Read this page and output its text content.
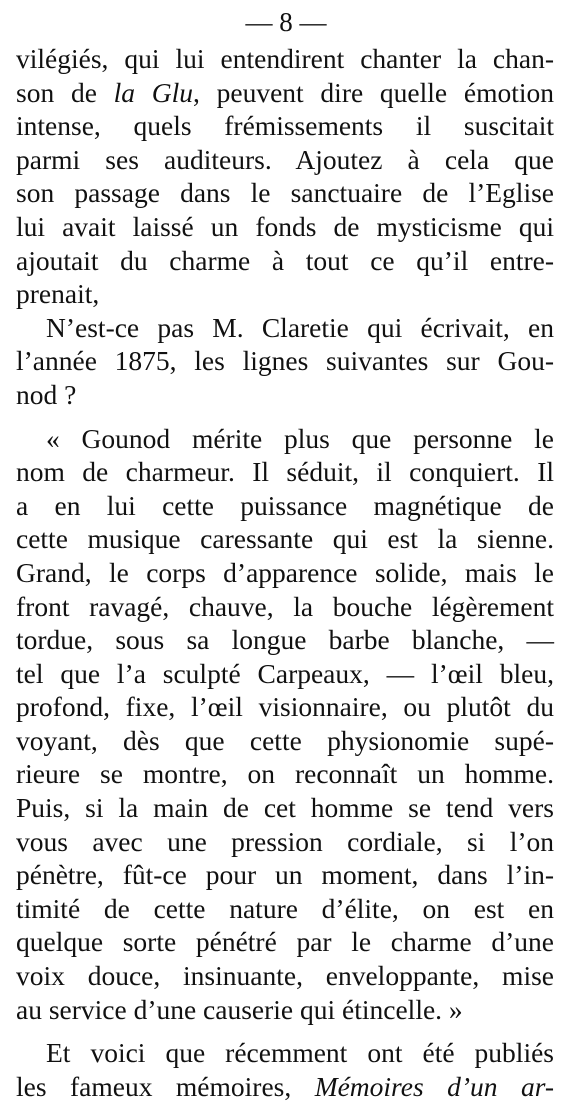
— 8 —
vilégiés, qui lui entendirent chanter la chan-
son de la Glu, peuvent dire quelle émotion
intense, quels frémissements il suscitait
parmi ses auditeurs. Ajoutez à cela que
son passage dans le sanctuaire de l’Eglise
lui avait laissé un fonds de mysticisme qui
ajoutait du charme à tout ce qu’il entre-
prenait,
N’est-ce pas M. Claretie qui écrivait, en
l’année 1875, les lignes suivantes sur Gou-
nod ?
« Gounod mérite plus que personne le
nom de charmeur. Il séduit, il conquiert. Il
a en lui cette puissance magnétique de
cette musique caressante qui est la sienne.
Grand, le corps d’apparence solide, mais le
front ravagé, chauve, la bouche légèrement
tordue, sous sa longue barbe blanche, —
tel que l’a sculpté Carpeaux, — l’œil bleu,
profond, fixe, l’œil visionnaire, ou plutôt du
voyant, dès que cette physionomie supé-
rieure se montre, on reconnaît un homme.
Puis, si la main de cet homme se tend vers
vous avec une pression cordiale, si l’on
pénètre, fût-ce pour un moment, dans l’in-
timité de cette nature d’élite, on est en
quelque sorte pénétré par le charme d’une
voix douce, insinuante, enveloppante, mise
au service d’une causerie qui étincelle. »
Et voici que récemment ont été publiés
les fameux mémoires, Mémoires d’un ar-
